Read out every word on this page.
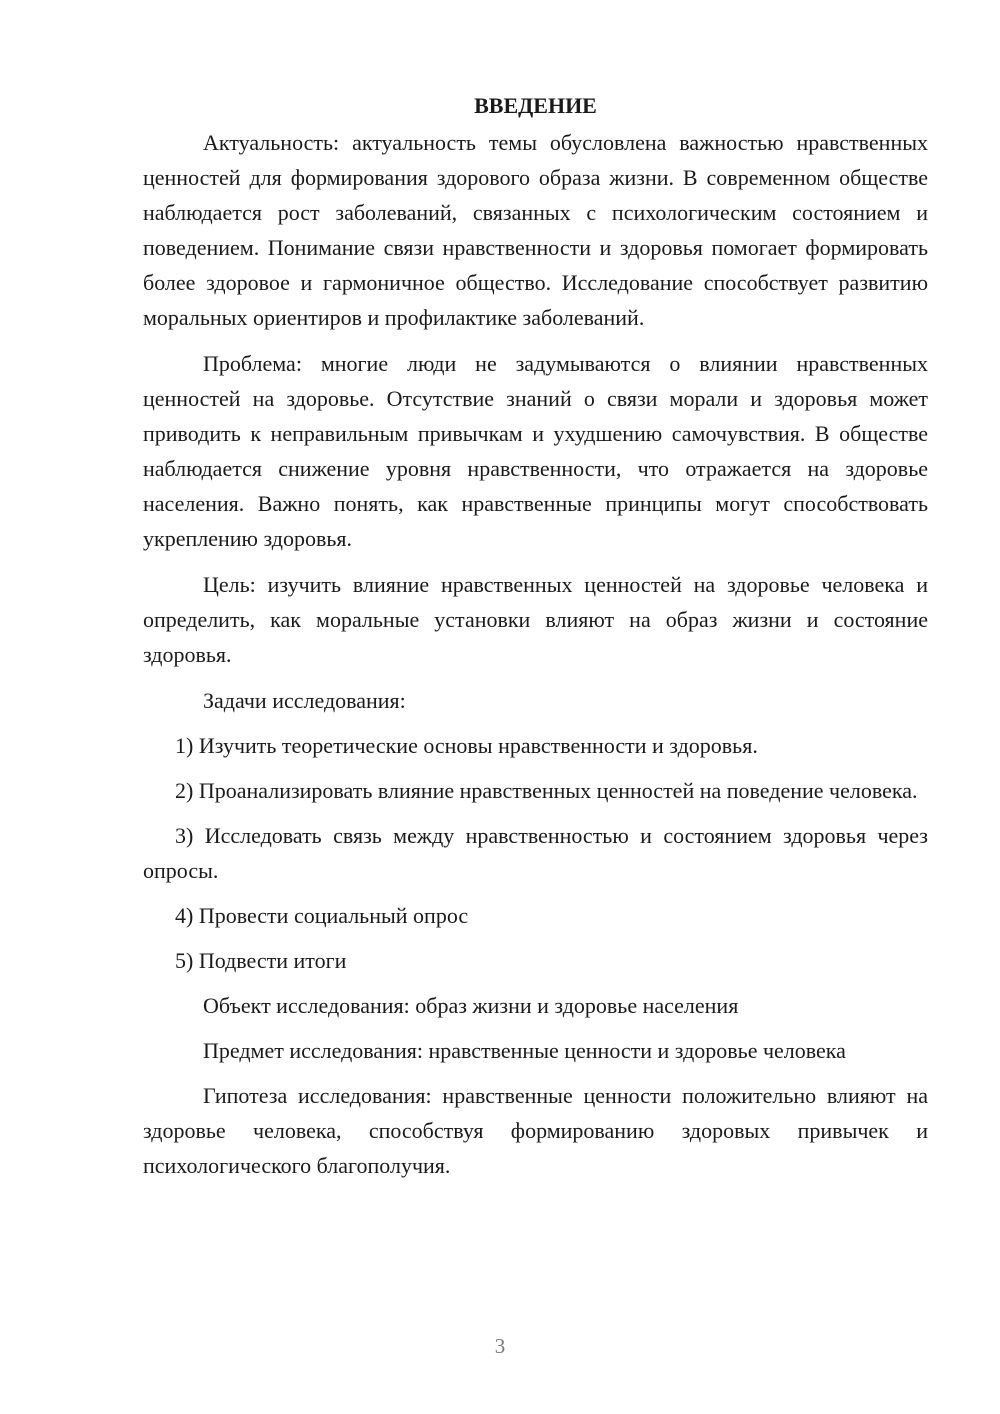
ВВЕДЕНИЕ

Актуальность: актуальность темы обусловлена важностью нравственных ценностей для формирования здорового образа жизни. В современном обществе наблюдается рост заболеваний, связанных с психологическим состоянием и поведением. Понимание связи нравственности и здоровья помогает формировать более здоровое и гармоничное общество. Исследование способствует развитию моральных ориентиров и профилактике заболеваний.

Проблема: многие люди не задумываются о влиянии нравственных ценностей на здоровье. Отсутствие знаний о связи морали и здоровья может приводить к неправильным привычкам и ухудшению самочувствия. В обществе наблюдается снижение уровня нравственности, что отражается на здоровье населения. Важно понять, как нравственные принципы могут способствовать укреплению здоровья.

Цель: изучить влияние нравственных ценностей на здоровье человека и определить, как моральные установки влияют на образ жизни и состояние здоровья.

Задачи исследования:

1) Изучить теоретические основы нравственности и здоровья.

2) Проанализировать влияние нравственных ценностей на поведение человека.

3) Исследовать связь между нравственностью и состоянием здоровья через опросы.

4) Провести социальный опрос

5) Подвести итоги

Объект исследования: образ жизни и здоровье населения

Предмет исследования: нравственные ценности и здоровье человека

Гипотеза исследования: нравственные ценности положительно влияют на здоровье человека, способствуя формированию здоровых привычек и психологического благополучия.

3
